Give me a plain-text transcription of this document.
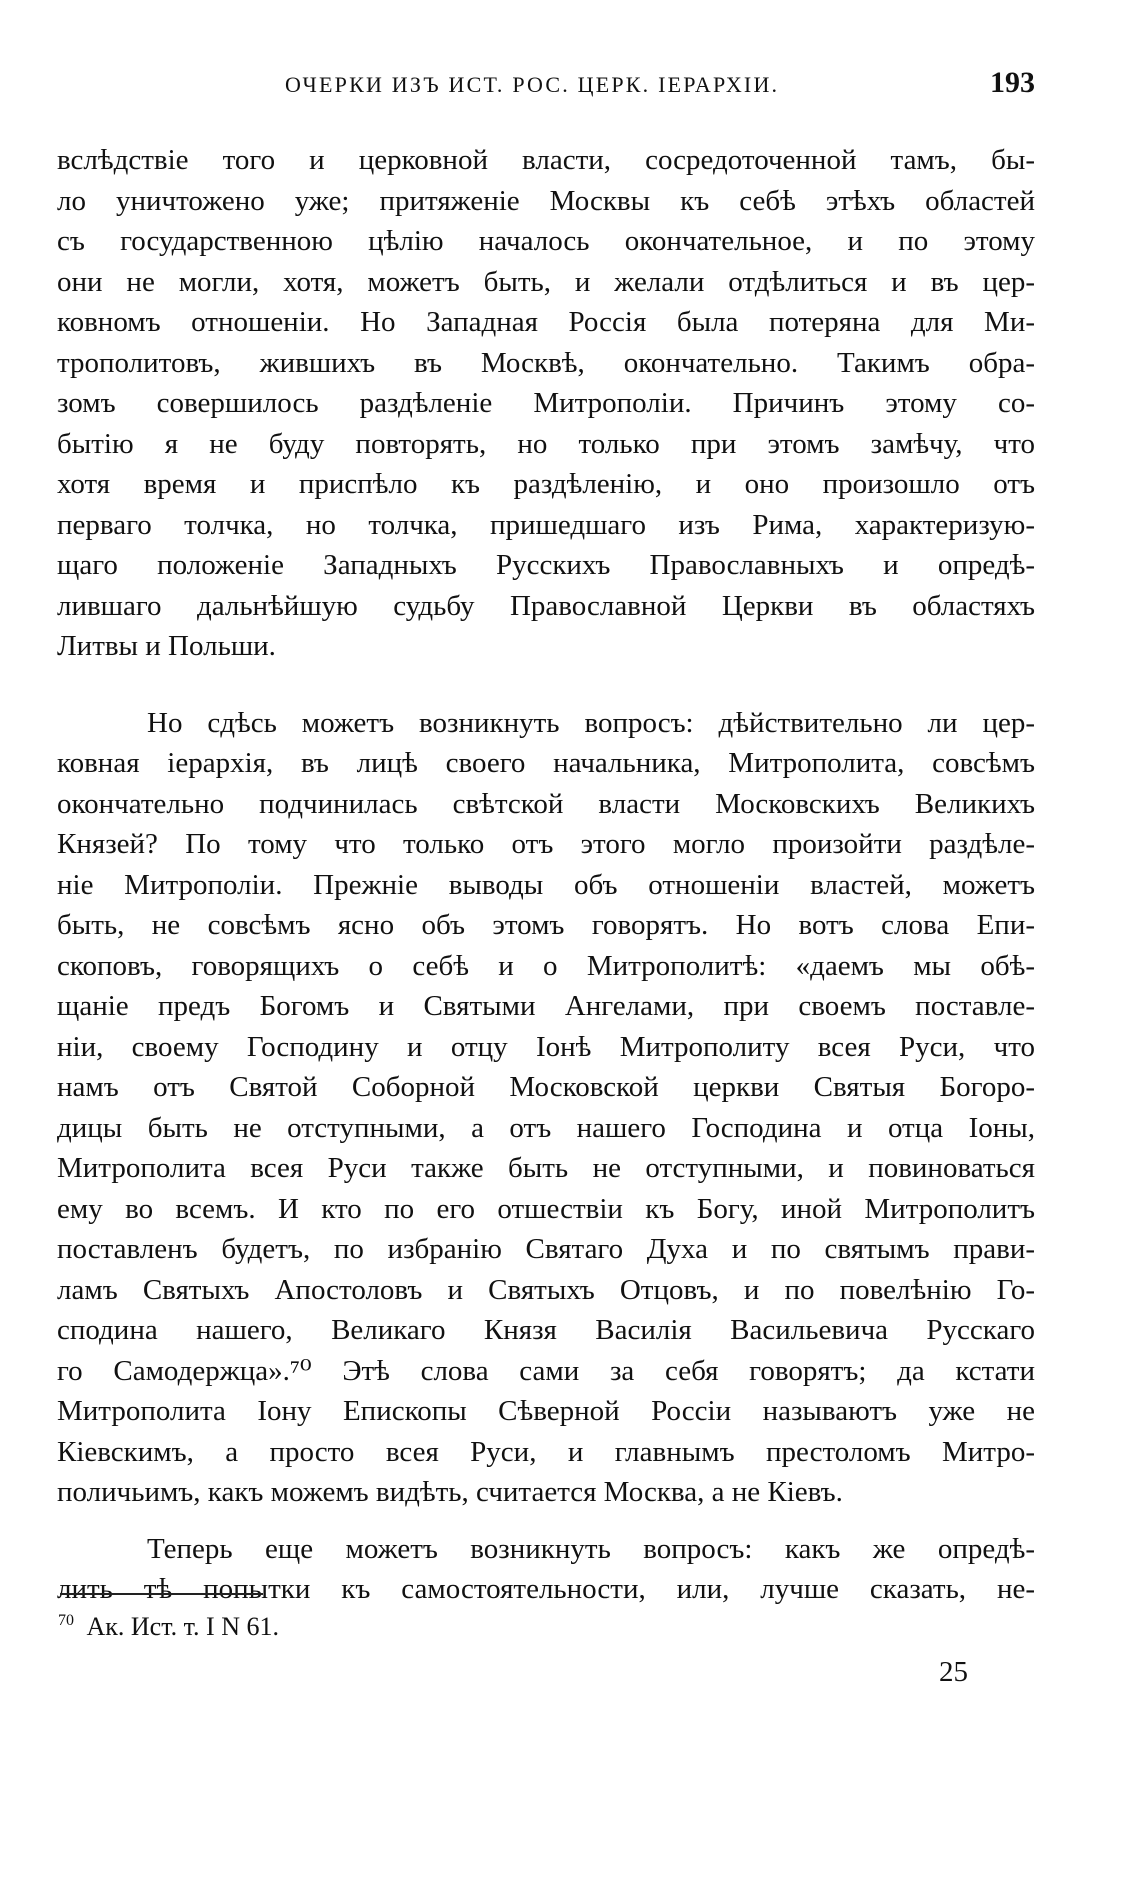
ОЧЕРКИ ИЗЪ ИСТ. РОС. ЦЕРК. IЕРАРХIИ.	193
вслѣдствіе того и церковной власти, сосредоточенной тамъ, бы-
ло уничтожено уже; притяженіе Москвы къ себѣ этѣхъ областей
съ государственною цѣлію началось окончательное, и по этому
они не могли, хотя, можетъ быть, и желали отдѣлиться и въ цер-
ковномъ отношеніи. Но Западная Россія была потеряна для Ми-
трополитовъ, жившихъ въ Москвѣ, окончательно. Такимъ обра-
зомъ совершилось раздѣленіе Митрополіи. Причинъ этому со-
бытію я не буду повторять, но только при этомъ замѣчу, что
хотя время и приспѣло къ раздѣленію, и оно произошло отъ
перваго толчка, но толчка, пришедшаго изъ Рима, характеризую-
щаго положеніе Западныхъ Русскихъ Православныхъ и опредѣ-
лившаго дальнѣйшую судьбу Православной Церкви въ областяхъ
Литвы и Польши.
Но сдѣсь можетъ возникнуть вопросъ: дѣйствительно ли цер-
ковная іерархія, въ лицѣ своего начальника, Митрополита, совсѣмъ
окончательно подчинилась свѣтской власти Московскихъ Великихъ
Князей? По тому что только отъ этого могло произойти раздѣле-
ніе Митрополіи. Прежніе выводы объ отношеніи властей, можетъ
быть, не совсѣмъ ясно объ этомъ говорятъ. Но вотъ слова Епи-
скоповъ, говорящихъ о себѣ и о Митрополитѣ: «даемъ мы обѣ-
щаніе предъ Богомъ и Святыми Ангелами, при своемъ поставле-
ніи, своему Господину и отцу Іонѣ Митрополиту всея Руси, что
намъ отъ Святой Соборной Московской церкви Святыя Богоро-
дицы быть не отступными, а отъ нашего Господина и отца Іоны,
Митрополита всея Руси также быть не отступными, и повиноваться
ему во всемъ. И кто по его отшествіи къ Богу, иной Митрополитъ
поставленъ будетъ, по избранію Святаго Духа и по святымъ прави-
ламъ Святыхъ Апостоловъ и Святыхъ Отцовъ, и по повелѣнію Го-
сподина нашего, Великаго Князя Василія Васильевича Русскаго
го Самодержца».⁷⁰ Этѣ слова сами за себя говорятъ; да кстати
Митрополита Іону Епископы Сѣверной Россіи называютъ уже не
Кіевскимъ, а просто всея Руси, и главнымъ престоломъ Митро-
поличьимъ, какъ можемъ видѣть, считается Москва, а не Кіевъ.
Теперь еще можетъ возникнуть вопросъ: какъ же опредѣ-
лить тѣ попытки къ самостоятельности, или, лучше сказать, не-
$^{70}$ Ак. Ист. т. I N 61.
25
